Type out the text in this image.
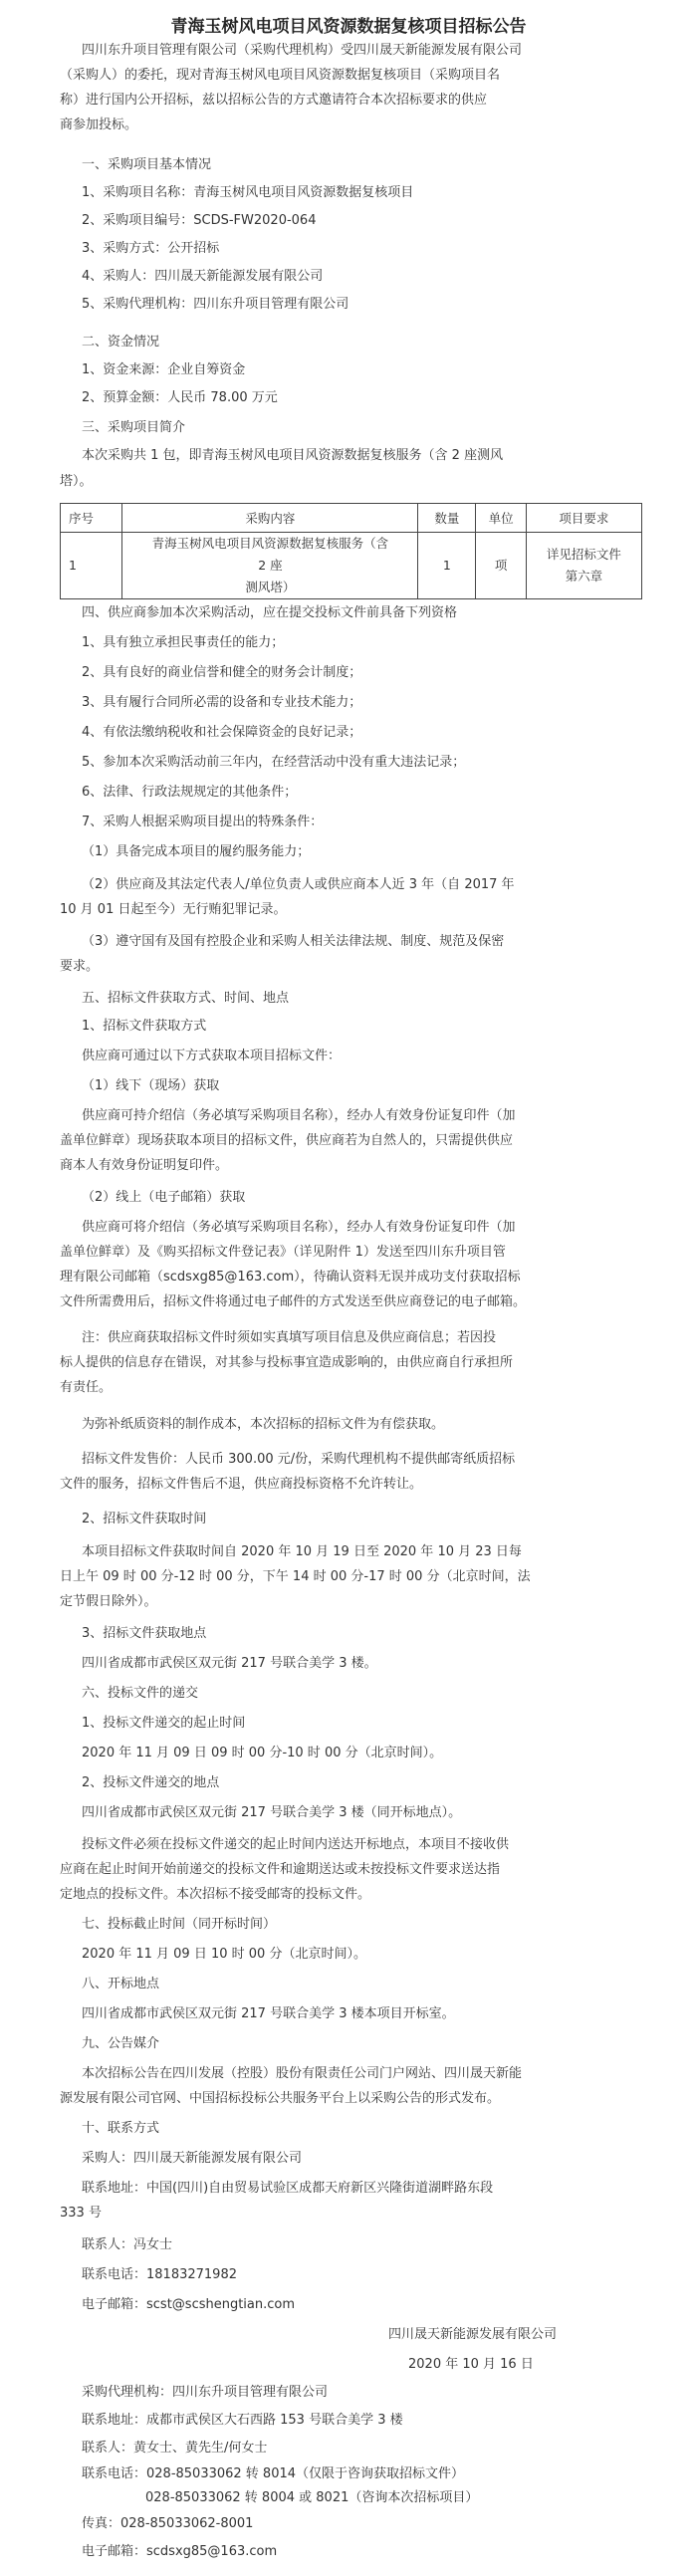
青海玉树风电项目风资源数据复核项目招标公告
四川东升项目管理有限公司（采购代理机构）受四川晟天新能源发展有限公司
（采购人）的委托，现对青海玉树风电项目风资源数据复核项目（采购项目名
称）进行国内公开招标，兹以招标公告的方式邀请符合本次招标要求的供应
商参加投标。
一、采购项目基本情况
1、采购项目名称：青海玉树风电项目风资源数据复核项目
2、采购项目编号：SCDS-FW2020-064
3、采购方式：公开招标
4、采购人：四川晟天新能源发展有限公司
5、采购代理机构：四川东升项目管理有限公司
二、资金情况
1、资金来源：企业自筹资金
2、预算金额：人民币 78.00 万元
三、采购项目简介
本次采购共 1 包，即青海玉树风电项目风资源数据复核服务（含 2 座测风
塔）。
序号	采购内容	数量	单位	项目要求
1	青海玉树风电项目风资源数据复核服务（含 2 座
测风塔）	1	项	详见招标文件
第六章
四、供应商参加本次采购活动，应在提交投标文件前具备下列资格
1、具有独立承担民事责任的能力；
2、具有良好的商业信誉和健全的财务会计制度；
3、具有履行合同所必需的设备和专业技术能力；
4、有依法缴纳税收和社会保障资金的良好记录；
5、参加本次采购活动前三年内，在经营活动中没有重大违法记录；
6、法律、行政法规规定的其他条件；
7、采购人根据采购项目提出的特殊条件：
（1）具备完成本项目的履约服务能力；
（2）供应商及其法定代表人/单位负责人或供应商本人近 3 年（自 2017 年
10 月 01 日起至今）无行贿犯罪记录。
（3）遵守国有及国有控股企业和采购人相关法律法规、制度、规范及保密
要求。
五、招标文件获取方式、时间、地点
1、招标文件获取方式
供应商可通过以下方式获取本项目招标文件：
（1）线下（现场）获取
供应商可持介绍信（务必填写采购项目名称），经办人有效身份证复印件（加
盖单位鲜章）现场获取本项目的招标文件，供应商若为自然人的，只需提供供应
商本人有效身份证明复印件。
（2）线上（电子邮箱）获取
供应商可将介绍信（务必填写采购项目名称），经办人有效身份证复印件（加
盖单位鲜章）及《购买招标文件登记表》（详见附件 1）发送至四川东升项目管
理有限公司邮箱（scdsxg85@163.com），待确认资料无误并成功支付获取招标
文件所需费用后，招标文件将通过电子邮件的方式发送至供应商登记的电子邮箱。
注：供应商获取招标文件时须如实真填写项目信息及供应商信息；若因投
标人提供的信息存在错误，对其参与投标事宜造成影响的，由供应商自行承担所
有责任。
为弥补纸质资料的制作成本，本次招标的招标文件为有偿获取。
招标文件发售价：人民币 300.00 元/份，采购代理机构不提供邮寄纸质招标
文件的服务，招标文件售后不退，供应商投标资格不允许转让。
2、招标文件获取时间
本项目招标文件获取时间自 2020 年 10 月 19 日至 2020 年 10 月 23 日每
日上午 09 时 00 分-12 时 00 分，下午 14 时 00 分-17 时 00 分（北京时间，法
定节假日除外）。
3、招标文件获取地点
四川省成都市武侯区双元街 217 号联合美学 3 楼。
六、投标文件的递交
1、投标文件递交的起止时间
2020 年 11 月 09 日 09 时 00 分-10 时 00 分（北京时间）。
2、投标文件递交的地点
四川省成都市武侯区双元街 217 号联合美学 3 楼（同开标地点）。
投标文件必须在投标文件递交的起止时间内送达开标地点，本项目不接收供
应商在起止时间开始前递交的投标文件和逾期送达或未按投标文件要求送达指
定地点的投标文件。本次招标不接受邮寄的投标文件。
七、投标截止时间（同开标时间）
2020 年 11 月 09 日 10 时 00 分（北京时间）。
八、开标地点
四川省成都市武侯区双元街 217 号联合美学 3 楼本项目开标室。
九、公告媒介
本次招标公告在四川发展（控股）股份有限责任公司门户网站、四川晟天新能
源发展有限公司官网、中国招标投标公共服务平台上以采购公告的形式发布。
十、联系方式
采购人：四川晟天新能源发展有限公司
联系地址：中国(四川)自由贸易试验区成都天府新区兴隆街道湖畔路东段
333 号
联系人：冯女士
联系电话：18183271982
电子邮箱：scst@scshengtian.com
四川晟天新能源发展有限公司
2020 年 10 月 16 日
采购代理机构：四川东升项目管理有限公司
联系地址：成都市武侯区大石西路 153 号联合美学 3 楼
联系人：黄女士、黄先生/何女士
联系电话：028-85033062 转 8014（仅限于咨询获取招标文件）
028-85033062 转 8004 或 8021（咨询本次招标项目）
传真：028-85033062-8001
电子邮箱：scdsxg85@163.com
